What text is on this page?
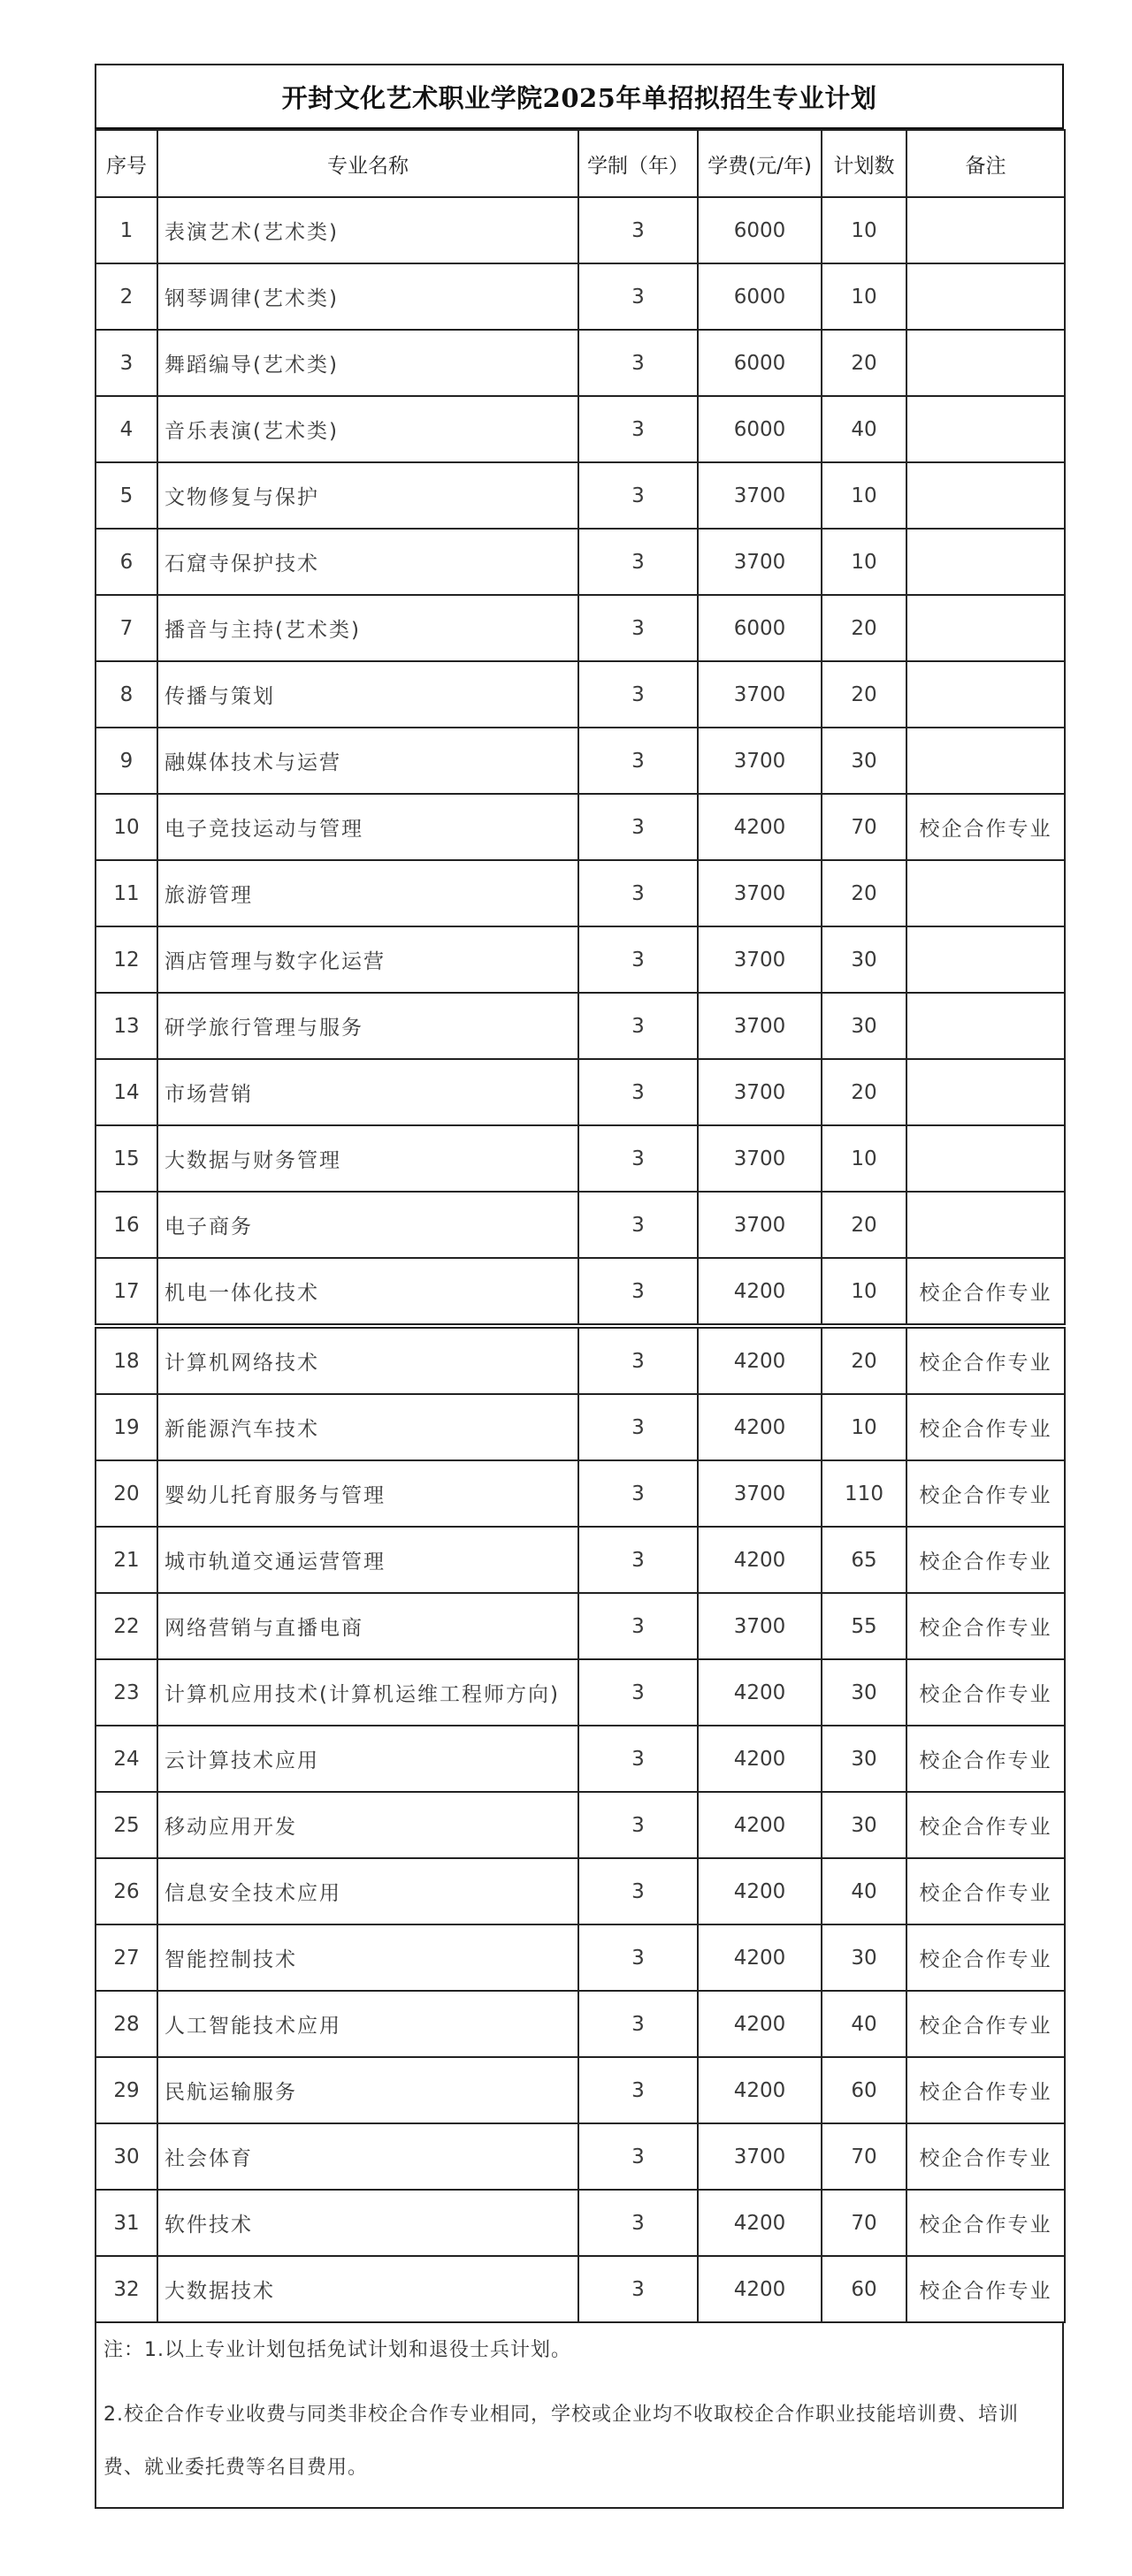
开封文化艺术职业学院2025年单招拟招生专业计划
序号	专业名称	学制（年）	学费(元/年)	计划数	备注
1	表演艺术(艺术类)	3	6000	10	
2	钢琴调律(艺术类)	3	6000	10	
3	舞蹈编导(艺术类)	3	6000	20	
4	音乐表演(艺术类)	3	6000	40	
5	文物修复与保护	3	3700	10	
6	石窟寺保护技术	3	3700	10	
7	播音与主持(艺术类)	3	6000	20	
8	传播与策划	3	3700	20	
9	融媒体技术与运营	3	3700	30	
10	电子竞技运动与管理	3	4200	70	校企合作专业
11	旅游管理	3	3700	20	
12	酒店管理与数字化运营	3	3700	30	
13	研学旅行管理与服务	3	3700	30	
14	市场营销	3	3700	20	
15	大数据与财务管理	3	3700	10	
16	电子商务	3	3700	20	
17	机电一体化技术	3	4200	10	校企合作专业
18	计算机网络技术	3	4200	20	校企合作专业
19	新能源汽车技术	3	4200	10	校企合作专业
20	婴幼儿托育服务与管理	3	3700	110	校企合作专业
21	城市轨道交通运营管理	3	4200	65	校企合作专业
22	网络营销与直播电商	3	3700	55	校企合作专业
23	计算机应用技术(计算机运维工程师方向)	3	4200	30	校企合作专业
24	云计算技术应用	3	4200	30	校企合作专业
25	移动应用开发	3	4200	30	校企合作专业
26	信息安全技术应用	3	4200	40	校企合作专业
27	智能控制技术	3	4200	30	校企合作专业
28	人工智能技术应用	3	4200	40	校企合作专业
29	民航运输服务	3	4200	60	校企合作专业
30	社会体育	3	3700	70	校企合作专业
31	软件技术	3	4200	70	校企合作专业
32	大数据技术	3	4200	60	校企合作专业

注：1.以上专业计划包括免试计划和退役士兵计划。

2.校企合作专业收费与同类非校企合作专业相同，学校或企业均不收取校企合作职业技能培训费、培训费、就业委托费等名目费用。
